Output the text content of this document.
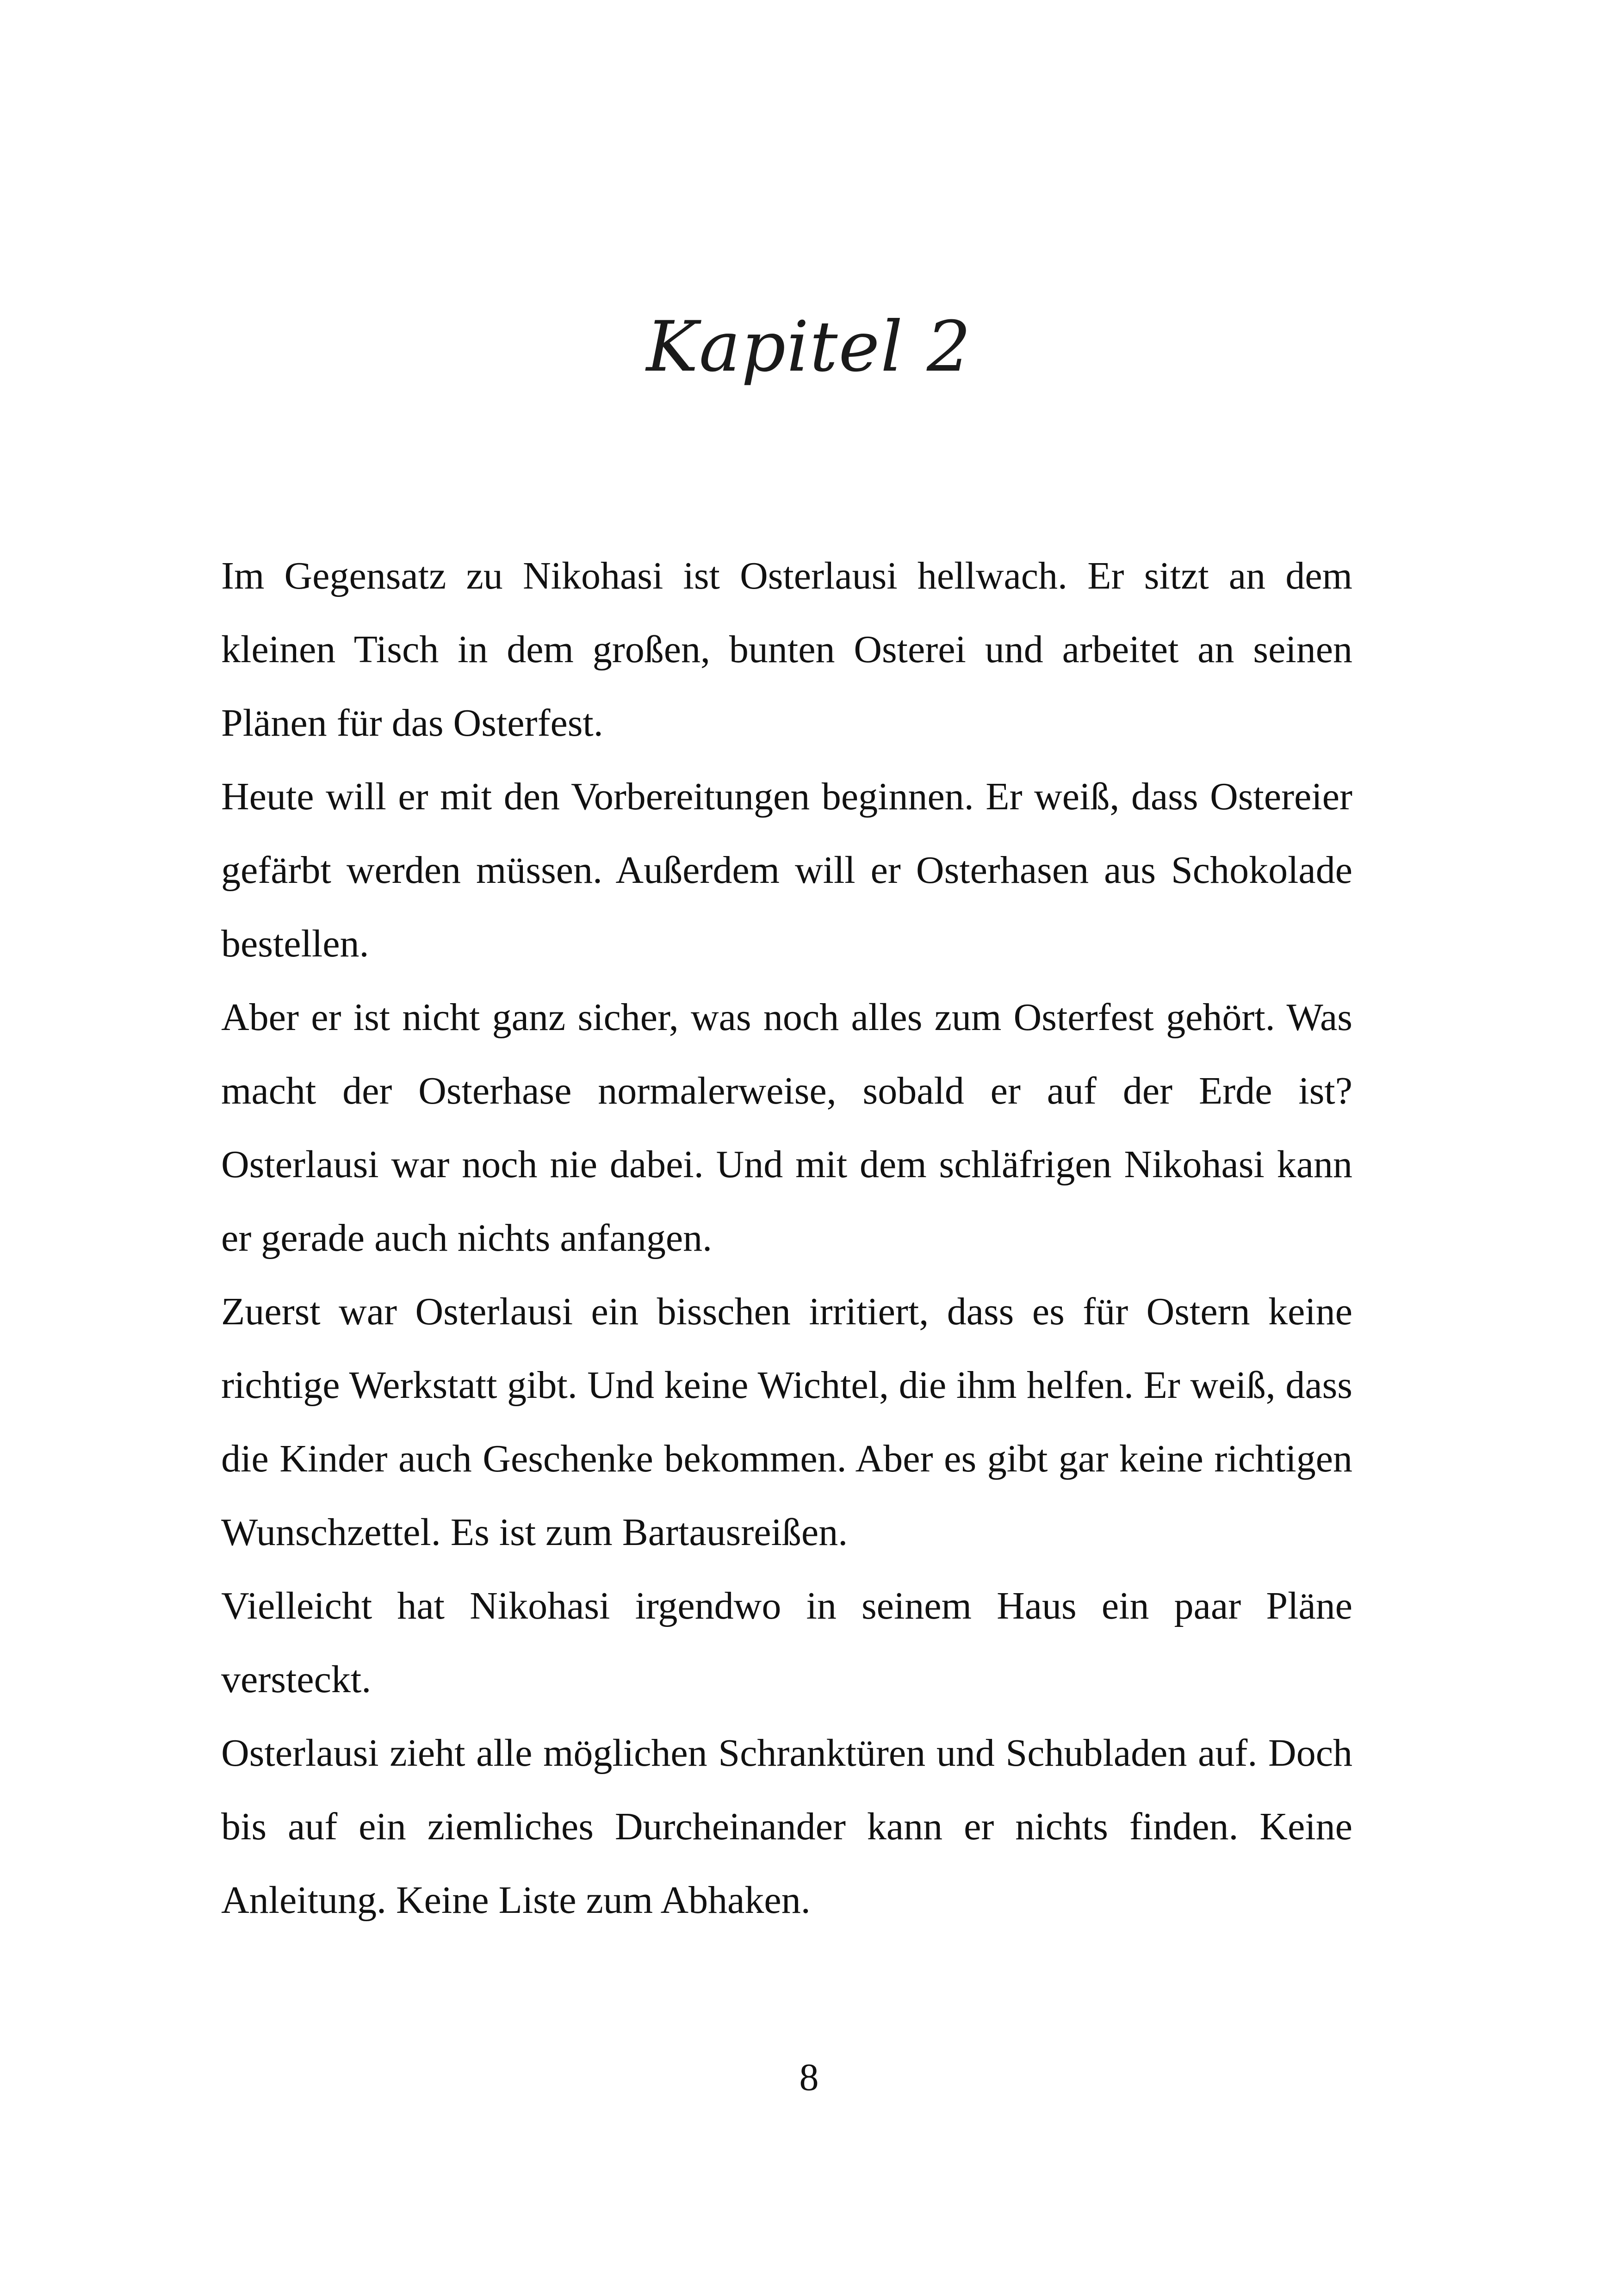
Kapitel 2

Im Gegensatz zu Nikohasi ist Osterlausi hellwach. Er sitzt an dem kleinen Tisch in dem großen, bunten Osterei und arbeitet an seinen Plänen für das Osterfest.

Heute will er mit den Vorbereitungen beginnen. Er weiß, dass Ostereier gefärbt werden müssen. Außerdem will er Osterhasen aus Schokolade bestellen.

Aber er ist nicht ganz sicher, was noch alles zum Osterfest gehört. Was macht der Osterhase normalerweise, sobald er auf der Erde ist? Osterlausi war noch nie dabei. Und mit dem schläfrigen Nikohasi kann er gerade auch nichts anfangen.

Zuerst war Osterlausi ein bisschen irritiert, dass es für Ostern keine richtige Werkstatt gibt. Und keine Wichtel, die ihm helfen. Er weiß, dass die Kinder auch Geschenke bekommen. Aber es gibt gar keine richtigen Wunschzettel. Es ist zum Bartausreißen.

Vielleicht hat Nikohasi irgendwo in seinem Haus ein paar Pläne versteckt.

Osterlausi zieht alle möglichen Schranktüren und Schubladen auf. Doch bis auf ein ziemliches Durcheinander kann er nichts finden. Keine Anleitung. Keine Liste zum Abhaken.

8
